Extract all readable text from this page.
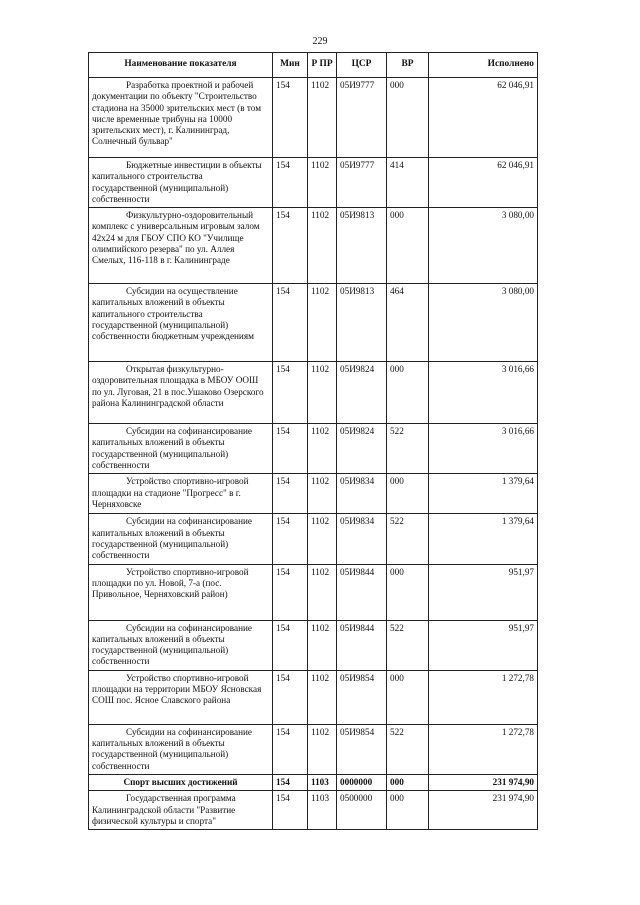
229
Наименование показателя	Мин	Р ПР	ЦСР	ВР	Исполнено

Разработка проектной и рабочей документации по объекту "Строительство стадиона на 35000 зрительских мест (в том числе временные трибуны на 10000 зрительских мест), г. Калининград, Солнечный бульвар"	154	1102	05И9777	000	62 046,91

Бюджетные инвестиции в объекты капитального строительства государственной (муниципальной) собственности	154	1102	05И9777	414	62 046,91

Физкультурно-оздоровительный комплекс с универсальным игровым залом 42х24 м для ГБОУ СПО КО "Училище олимпийского резерва" по ул. Аллея Смелых, 116-118 в г. Калининграде	154	1102	05И9813	000	3 080,00

Субсидии на осуществление капитальных вложений в объекты капитального строительства государственной (муниципальной) собственности бюджетным учреждениям	154	1102	05И9813	464	3 080,00

Открытая физкультурно-оздоровительная площадка в МБОУ ООШ по ул. Луговая, 21 в пос.Ушаково Озерского района Калининградской области	154	1102	05И9824	000	3 016,66

Субсидии на софинансирование капитальных вложений в объекты государственной (муниципальной) собственности	154	1102	05И9824	522	3 016,66

Устройство спортивно-игровой площадки на стадионе "Прогресс" в г. Черняховске	154	1102	05И9834	000	1 379,64

Субсидии на софинансирование капитальных вложений в объекты государственной (муниципальной) собственности	154	1102	05И9834	522	1 379,64

Устройство спортивно-игровой площадки по ул. Новой, 7-а (пос. Привольное, Черняховский район)	154	1102	05И9844	000	951,97

Субсидии на софинансирование капитальных вложений в объекты государственной (муниципальной) собственности	154	1102	05И9844	522	951,97

Устройство спортивно-игровой площадки на территории МБОУ Ясновская СОШ пос. Ясное Славского района	154	1102	05И9854	000	1 272,78

Субсидии на софинансирование капитальных вложений в объекты государственной (муниципальной) собственности	154	1102	05И9854	522	1 272,78
Спорт высших достижений	154	1103	0000000	000	231 974,90

Государственная программа Калининградской области "Развитие физической культуры и спорта"	154	1103	0500000	000	231 974,90
